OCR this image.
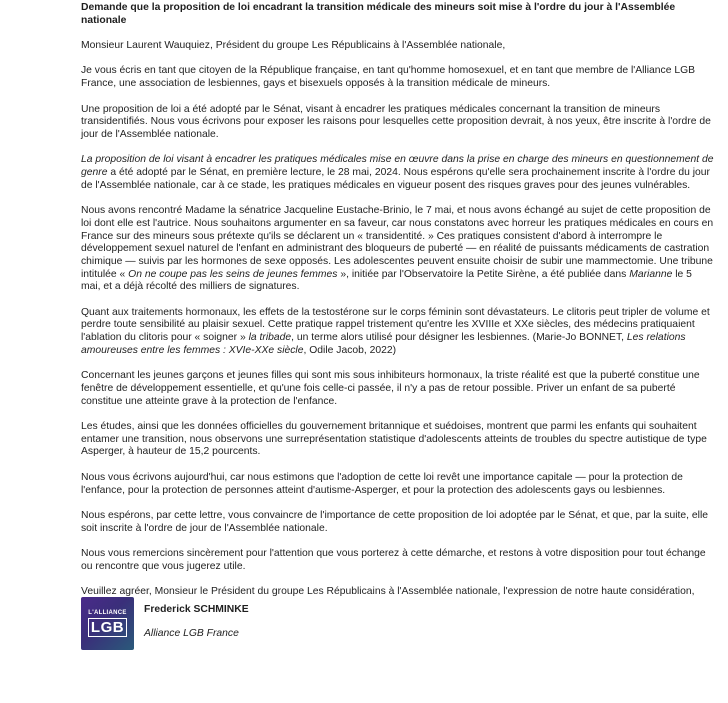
Demande que la proposition de loi encadrant la transition médicale des mineurs soit mise à l'ordre du jour à l'Assemblée nationale

Monsieur Laurent Wauquiez, Président du groupe Les Républicains à l'Assemblée nationale,

Je vous écris en tant que citoyen de la République française, en tant qu'homme homosexuel, et en tant que membre de l'Alliance LGB France, une association de lesbiennes, gays et bisexuels opposés à la transition médicale de mineurs.

Une proposition de loi a été adopté par le Sénat, visant à encadrer les pratiques médicales concernant la transition de mineurs transidentifiés. Nous vous écrivons pour exposer les raisons pour lesquelles cette proposition devrait, à nos yeux, être inscrite à l'ordre de jour de l'Assemblée nationale.

La proposition de loi visant à encadrer les pratiques médicales mise en œuvre dans la prise en charge des mineurs en questionnement de genre a été adopté par le Sénat, en première lecture, le 28 mai, 2024. Nous espérons qu'elle sera prochainement inscrite à l'ordre du jour de l'Assemblée nationale, car à ce stade, les pratiques médicales en vigueur posent des risques graves pour des jeunes vulnérables.

Nous avons rencontré Madame la sénatrice Jacqueline Eustache-Brinio, le 7 mai, et nous avons échangé au sujet de cette proposition de loi dont elle est l'autrice. Nous souhaitons argumenter en sa faveur, car nous constatons avec horreur les pratiques médicales en cours en France sur des mineurs sous prétexte qu'ils se déclarent un « transidentité. » Ces pratiques consistent d'abord à interrompre le développement sexuel naturel de l'enfant en administrant des bloqueurs de puberté — en réalité de puissants médicaments de castration chimique — suivis par les hormones de sexe opposés. Les adolescentes peuvent ensuite choisir de subir une mammectomie. Une tribune intitulée « On ne coupe pas les seins de jeunes femmes », initiée par l'Observatoire la Petite Sirène, a été publiée dans Marianne le 5 mai, et a déjà récolté des milliers de signatures.

Quant aux traitements hormonaux, les effets de la testostérone sur le corps féminin sont dévastateurs. Le clitoris peut tripler de volume et perdre toute sensibilité au plaisir sexuel. Cette pratique rappel tristement qu'entre les XVIIIe et XXe siècles, des médecins pratiquaient l'ablation du clitoris pour « soigner » la tribade, un terme alors utilisé pour désigner les lesbiennes. (Marie-Jo BONNET, Les relations amoureuses entre les femmes : XVIe-XXe siècle, Odile Jacob, 2022)

Concernant les jeunes garçons et jeunes filles qui sont mis sous inhibiteurs hormonaux, la triste réalité est que la puberté constitue une fenêtre de développement essentielle, et qu'une fois celle-ci passée, il n'y a pas de retour possible. Priver un enfant de sa puberté constitue une atteinte grave à la protection de l'enfance.

Les études, ainsi que les données officielles du gouvernement britannique et suédoises, montrent que parmi les enfants qui souhaitent entamer une transition, nous observons une surreprésentation statistique d'adolescents atteints de troubles du spectre autistique de type Asperger, à hauteur de 15,2 pourcents.

Nous vous écrivons aujourd'hui, car nous estimons que l'adoption de cette loi revêt une importance capitale — pour la protection de l'enfance, pour la protection de personnes atteint d'autisme-Asperger, et pour la protection des adolescents gays ou lesbiennes.

Nous espérons, par cette lettre, vous convaincre de l'importance de cette proposition de loi adoptée par le Sénat, et que, par la suite, elle soit inscrite à l'ordre de jour de l'Assemblée nationale.

Nous vous remercions sincèrement pour l'attention que vous porterez à cette démarche, et restons à votre disposition pour tout échange ou rencontre que vous jugerez utile.

Veuillez agréer, Monsieur le Président du groupe Les Républicains à l'Assemblée nationale, l'expression de notre haute considération,

L'ALLIANCE
LGB
Frederick SCHMINKE
Alliance LGB France
